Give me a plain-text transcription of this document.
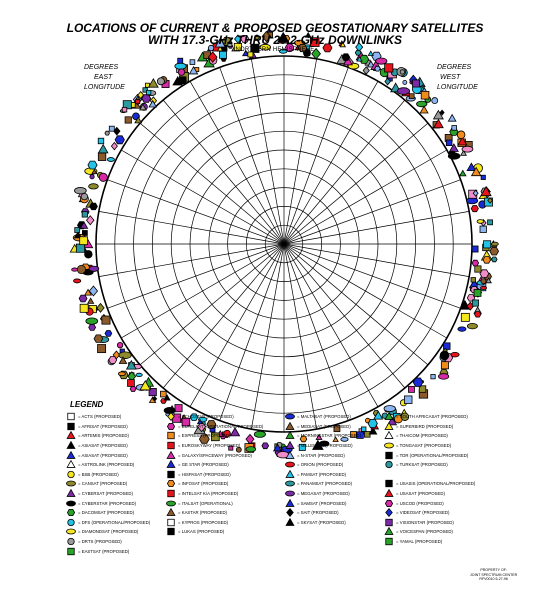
LOCATIONS OF CURRENT & PROPOSED GEOSTATIONARY SATELLITES
WITH 17.3-GHz THRU 20.2-GHz DOWNLINKS
NORTHERN HEMISPHERE
DEGREES
EAST
LONGITUDE
DEGREES
WEST
LONGITUDE
LEGEND
= ACTS (PROPOSED)
= AFRISAT (PROPOSED)
= ARTEMIS (PROPOSED)
= ASIASAT (PROPOSED)
= ASIASAT (PROPOSED)
= ASTROLINK (PROPOSED)
= BSB (PROPOSED)
= CANSAT (PROPOSED)
= CYBERSAT (PROPOSED)
= CYBERSTAR (PROPOSED)
= DACOMSAT (PROPOSED)
= DFS (OPERATIONAL/PROPOSED)
= DIAMONDSAT (PROPOSED)
= DRTS (PROPOSED)
= EASTSAT (PROPOSED)
= ECHOSTAR (PROPOSED)
= EUTELSAT (OPERATIONAL/PROPOSED)
= EXPRESS (PROPOSED)
= EUROSKYWAY (PROPOSED)
= GALAXY/SPACEWAY (PROPOSED)
= GE STAR (PROPOSED)
= HISPASAT (PROPOSED)
= INFOSAT (PROPOSED)
= INTELSAT K/A (PROPOSED)
= ITALSAT (OPERATIONAL)
= KASTAR (PROPOSED)
= KYPROS (PROPOSED)
= LUKAS (PROPOSED)
= MALTASAT (PROPOSED)
= MEDIASAT (PROPOSED)
= MORNINGSTAR (PROPOSED)
= MILLENIUM (PROPOSED)
= N-STAR (PROPOSED)
= ORION (PROPOSED)
= PAMSAT (PROPOSED)
= PANAMSAT (PROPOSED)
= MEGASAT (PROPOSED)
= SAMSAT (PROPOSED)
= SAIT (PROPOSED)
= SKYSAT (PROPOSED)
= SOUTH AFRICASAT (PROPOSED)
= SUPERBIRD (PROPOSED)
= THAICOM (PROPOSED)
= TONGASAT (PROPOSED)
= TDR (OPERATIONAL/PROPOSED)
= TURKSAT (PROPOSED)
= USASIS (OPERATIONAL/PROPOSED)
= USASAT (PROPOSED)
= USCOD (PROPOSED)
= VIDEOSAT (PROPOSED)
= VISIONSTAR (PROPOSED)
= VOICESPAN (PROPOSED)
= YAMAL (PROPOSED)
PROPERTY OF:
JOINT SPECTRUM CENTER
RFV0010 6-27-96
